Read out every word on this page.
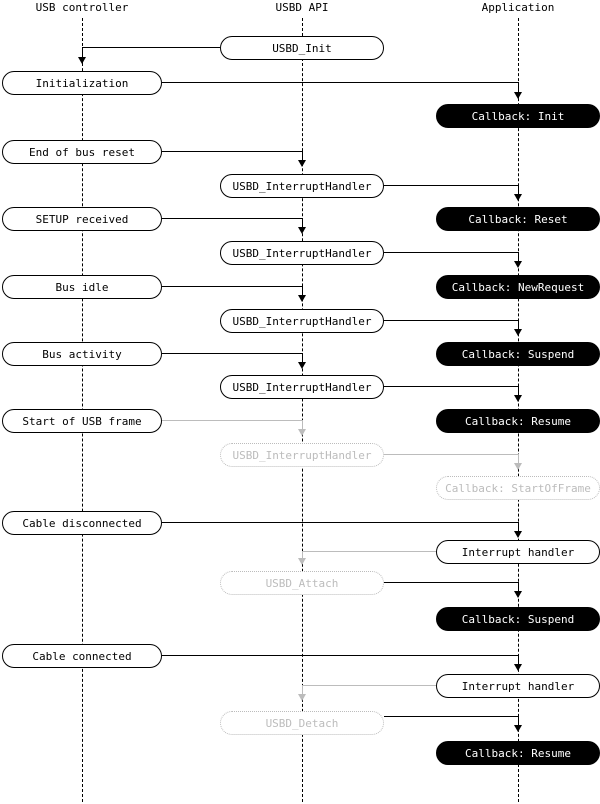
USB controller	USBD API	Application
USBD_Init
Initialization
Callback: Init
End of bus reset
USBD_InterruptHandler
SETUP received	Callback: Reset
USBD_InterruptHandler
Bus idle	Callback: NewRequest
USBD_InterruptHandler
Bus activity	Callback: Suspend
USBD_InterruptHandler
Start of USB frame	Callback: Resume
USBD_InterruptHandler
Callback: StartOfFrame
Cable disconnected
Interrupt handler
USBD_Attach
Callback: Suspend
Cable connected
Interrupt handler
USBD_Detach
Callback: Resume
